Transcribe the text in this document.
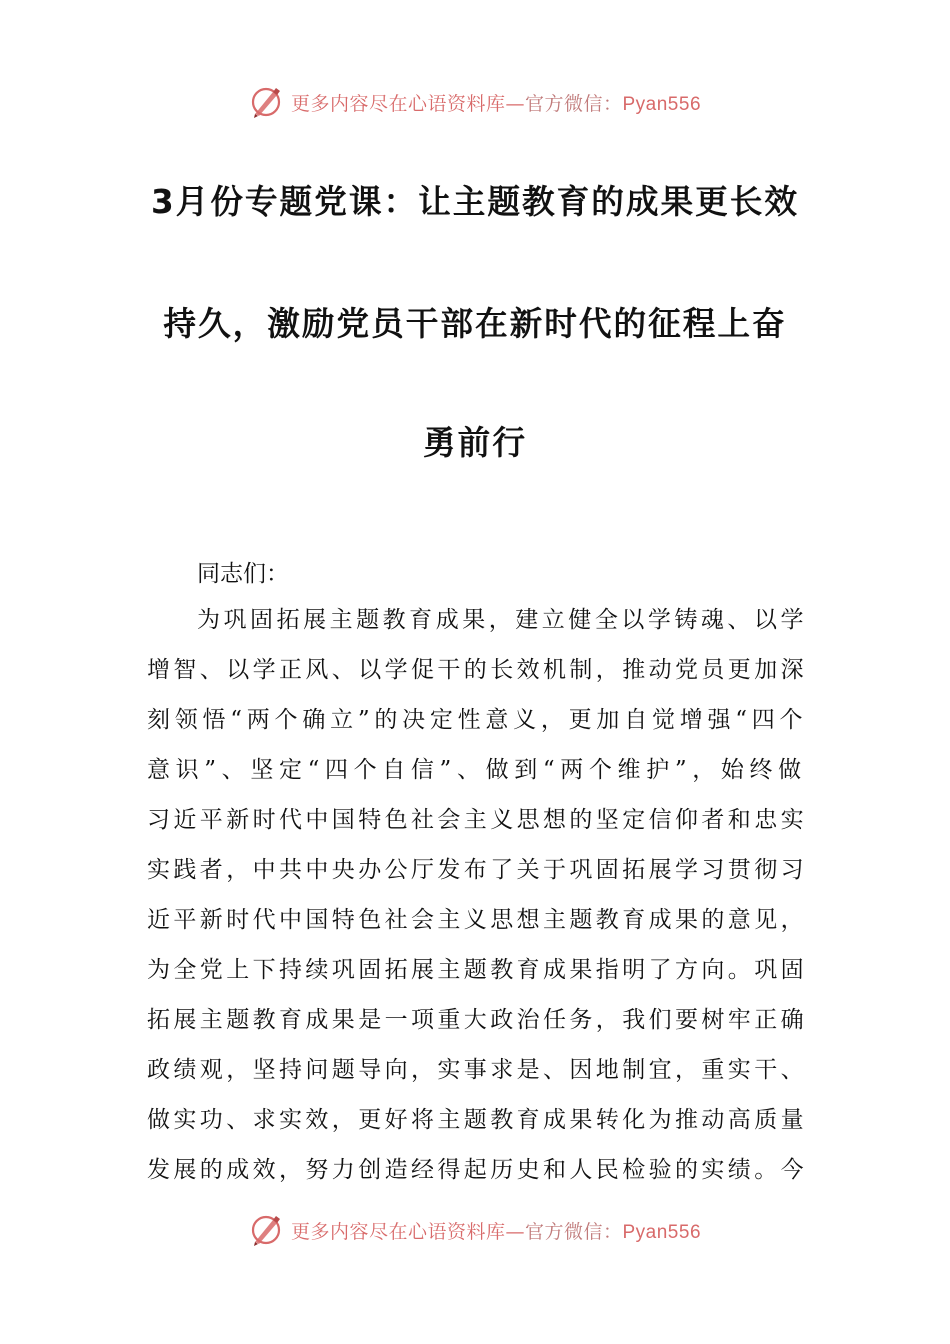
更多内容尽在心语资料库—官方微信：Pyan556
3月份专题党课：让主题教育的成果更长效
持久，激励党员干部在新时代的征程上奋
勇前行
同志们：
为巩固拓展主题教育成果，建立健全以学铸魂、以学
增智、以学正风、以学促干的长效机制，推动党员更加深
刻领悟“两个确立”的决定性意义，更加自觉增强“四个
意识”、坚定“四个自信”、做到“两个维护”，始终做
习近平新时代中国特色社会主义思想的坚定信仰者和忠实
实践者，中共中央办公厅发布了关于巩固拓展学习贯彻习
近平新时代中国特色社会主义思想主题教育成果的意见，
为全党上下持续巩固拓展主题教育成果指明了方向。巩固
拓展主题教育成果是一项重大政治任务，我们要树牢正确
政绩观，坚持问题导向，实事求是、因地制宜，重实干、
做实功、求实效，更好将主题教育成果转化为推动高质量
发展的成效，努力创造经得起历史和人民检验的实绩。今
更多内容尽在心语资料库—官方微信：Pyan556
